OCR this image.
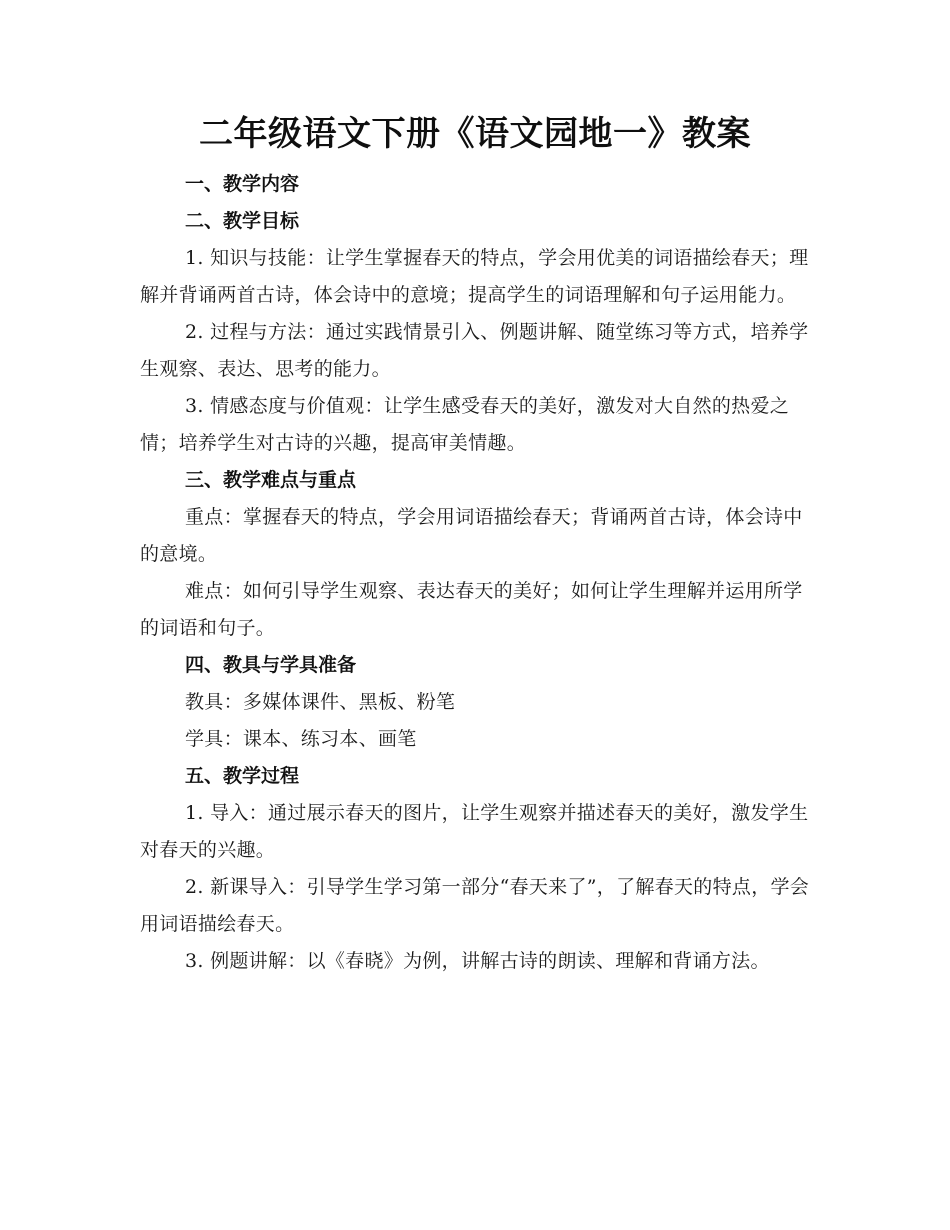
二年级语文下册《语文园地一》教案

一、教学内容

二、教学目标

1. 知识与技能：让学生掌握春天的特点，学会用优美的词语描绘春天；理解并背诵两首古诗，体会诗中的意境；提高学生的词语理解和句子运用能力。

2. 过程与方法：通过实践情景引入、例题讲解、随堂练习等方式，培养学生观察、表达、思考的能力。

3. 情感态度与价值观：让学生感受春天的美好，激发对大自然的热爱之情；培养学生对古诗的兴趣，提高审美情趣。

三、教学难点与重点

重点：掌握春天的特点，学会用词语描绘春天；背诵两首古诗，体会诗中的意境。

难点：如何引导学生观察、表达春天的美好；如何让学生理解并运用所学的词语和句子。

四、教具与学具准备

教具：多媒体课件、黑板、粉笔

学具：课本、练习本、画笔

五、教学过程

1. 导入：通过展示春天的图片，让学生观察并描述春天的美好，激发学生对春天的兴趣。

2. 新课导入：引导学生学习第一部分“春天来了”，了解春天的特点，学会用词语描绘春天。

3. 例题讲解：以《春晓》为例，讲解古诗的朗读、理解和背诵方法。
